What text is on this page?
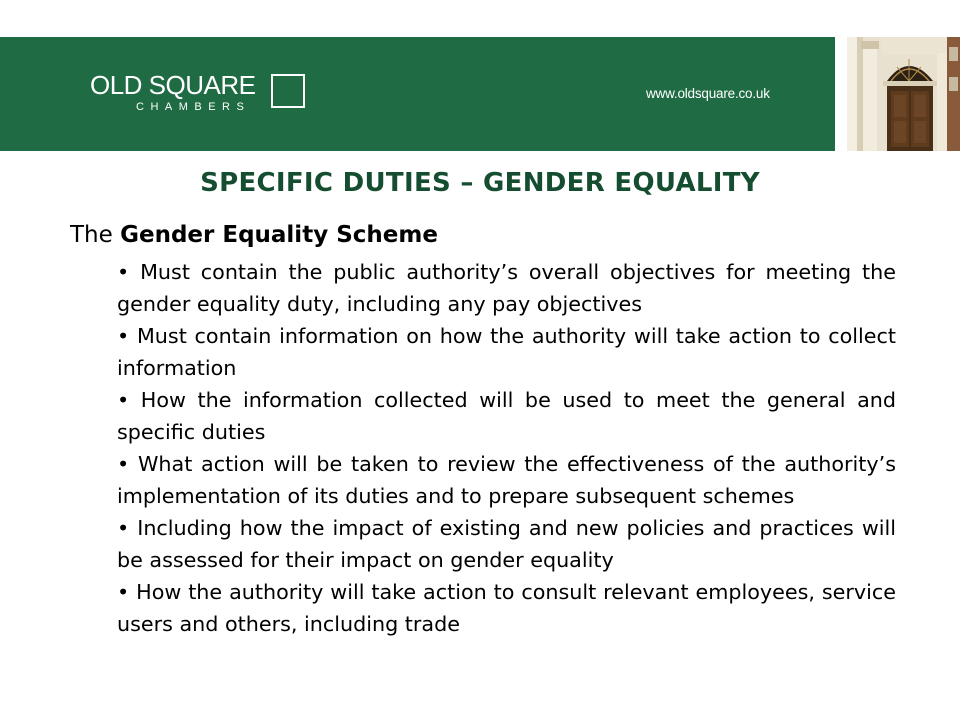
OLD SQUARE
CHAMBERS
www.oldsquare.co.uk
SPECIFIC DUTIES – GENDER EQUALITY
The Gender Equality Scheme
• Must contain the public authority’s overall objectives for meeting the gender equality duty, including any pay objectives
• Must contain information on how the authority will take action to collect information
• How the information collected will be used to meet the general and specific duties
• What action will be taken to review the effectiveness of the authority’s implementation of its duties and to prepare subsequent schemes
• Including how the impact of existing and new policies and practices will be assessed for their impact on gender equality
• How the authority will take action to consult relevant employees, service users and others, including trade
